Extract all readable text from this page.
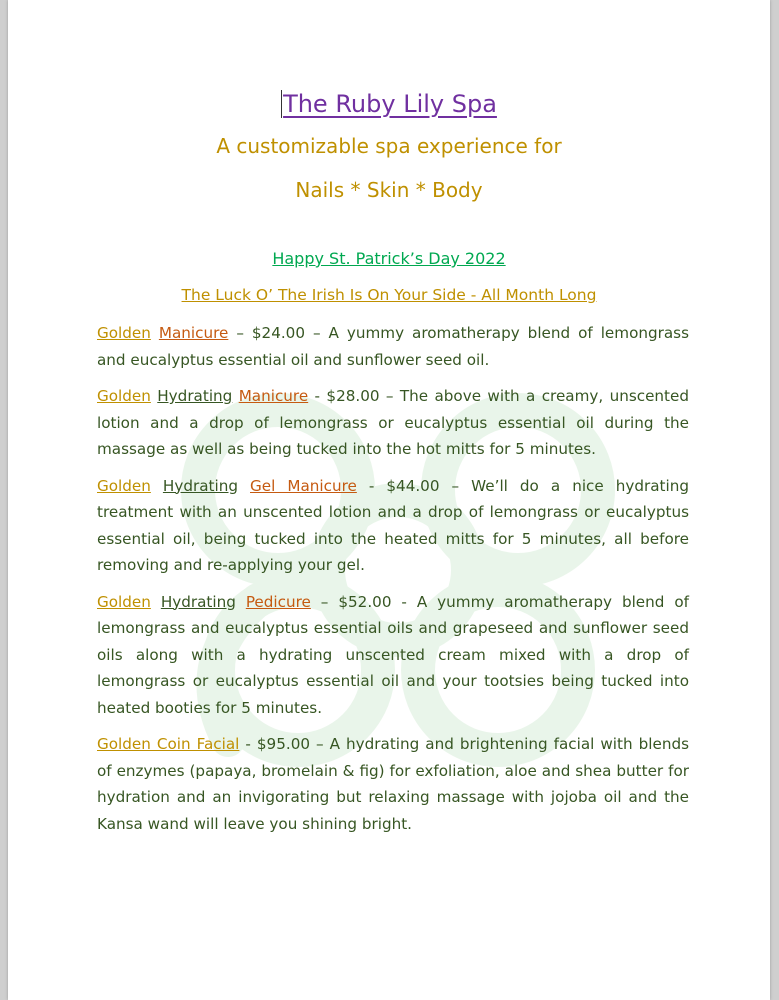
The Ruby Lily Spa
A customizable spa experience for
Nails * Skin * Body
Happy St. Patrick’s Day 2022
The Luck O’ The Irish Is On Your Side - All Month Long

Golden Manicure – $24.00 – A yummy aromatherapy blend of lemongrass and eucalyptus essential oil and sunflower seed oil.

Golden Hydrating Manicure - $28.00 – The above with a creamy, unscented lotion and a drop of lemongrass or eucalyptus essential oil during the massage as well as being tucked into the hot mitts for 5 minutes.

Golden Hydrating Gel Manicure - $44.00 – We’ll do a nice hydrating treatment with an unscented lotion and a drop of lemongrass or eucalyptus essential oil, being tucked into the heated mitts for 5 minutes, all before removing and re-applying your gel.

Golden Hydrating Pedicure – $52.00 - A yummy aromatherapy blend of lemongrass and eucalyptus essential oils and grapeseed and sunflower seed oils along with a hydrating unscented cream mixed with a drop of lemongrass or eucalyptus essential oil and your tootsies being tucked into heated booties for 5 minutes.

Golden Coin Facial - $95.00 – A hydrating and brightening facial with blends of enzymes (papaya, bromelain & fig) for exfoliation, aloe and shea butter for hydration and an invigorating but relaxing massage with jojoba oil and the Kansa wand will leave you shining bright.
